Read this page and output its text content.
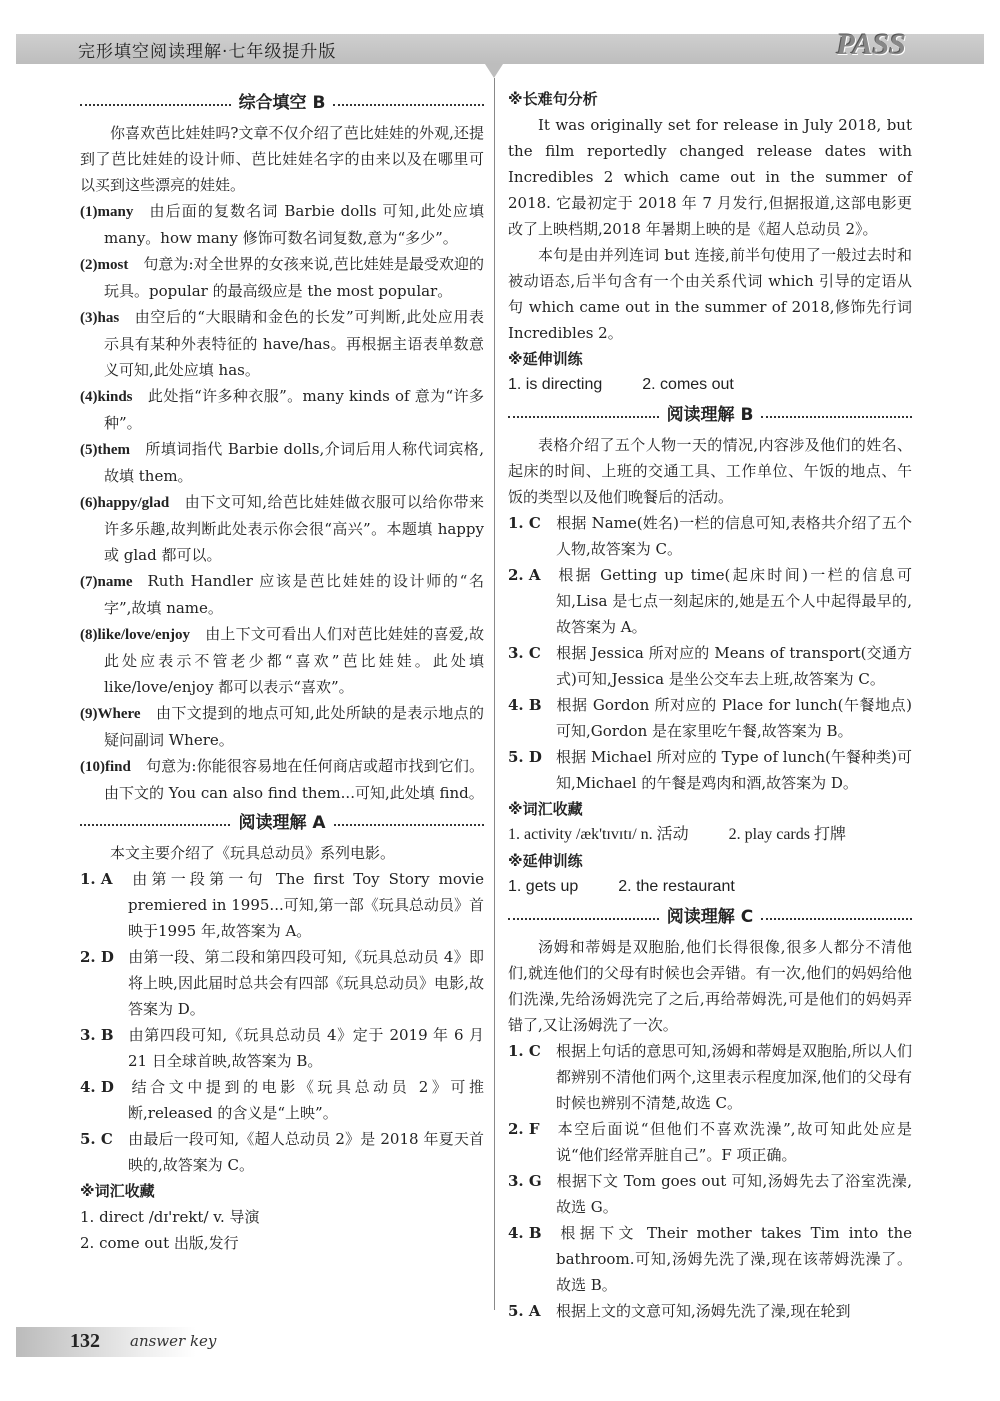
完形填空阅读理解·七年级提升版	PASS
综合填空 B

你喜欢芭比娃娃吗?文章不仅介绍了芭比娃娃的外观,还提到了芭比娃娃的设计师、芭比娃娃名字的由来以及在哪里可以买到这些漂亮的娃娃。

(1)many  由后面的复数名词 Barbie dolls 可知,此处应填 many。how many 修饰可数名词复数,意为“多少”。
(2)most  句意为:对全世界的女孩来说,芭比娃娃是最受欢迎的玩具。popular 的最高级应是 the most popular。
(3)has  由空后的“大眼睛和金色的长发”可判断,此处应用表示具有某种外表特征的 have/has。再根据主语表单数意义可知,此处应填 has。
(4)kinds  此处指“许多种衣服”。many kinds of 意为“许多种”。
(5)them  所填词指代 Barbie dolls,介词后用人称代词宾格,故填 them。
(6)happy/glad  由下文可知,给芭比娃娃做衣服可以给你带来许多乐趣,故判断此处表示你会很“高兴”。本题填 happy 或 glad 都可以。
(7)name  Ruth Handler 应该是芭比娃娃的设计师的“名字”,故填 name。
(8)like/love/enjoy  由上下文可看出人们对芭比娃娃的喜爱,故此处应表示不管老少都“喜欢”芭比娃娃。此处填 like/love/enjoy 都可以表示“喜欢”。
(9)Where  由下文提到的地点可知,此处所缺的是表示地点的疑问副词 Where。
(10)find  句意为:你能很容易地在任何商店或超市找到它们。由下文的 You can also find them...可知,此处填 find。
阅读理解 A

本文主要介绍了《玩具总动员》系列电影。

1. A 由第一段第一句 The first Toy Story movie premiered in 1995...可知,第一部《玩具总动员》首映于1995 年,故答案为 A。
2. D 由第一段、第二段和第四段可知,《玩具总动员 4》即将上映,因此届时总共会有四部《玩具总动员》电影,故答案为 D。
3. B 由第四段可知,《玩具总动员 4》定于 2019 年 6 月 21 日全球首映,故答案为 B。
4. D 结合文中提到的电影《玩具总动员 2》可推断,released 的含义是“上映”。
5. C 由最后一段可知,《超人总动员 2》是 2018 年夏天首映的,故答案为 C。
※词汇收藏
1. direct /dɪ'rekt/ v. 导演
2. come out 出版,发行
※长难句分析

It was originally set for release in July 2018, but the film reportedly changed release dates with Incredibles 2 which came out in the summer of 2018. 它最初定于 2018 年 7 月发行,但据报道,这部电影更改了上映档期,2018 年暑期上映的是《超人总动员 2》。

本句是由并列连词 but 连接,前半句使用了一般过去时和被动语态,后半句含有一个由关系代词 which 引导的定语从句 which came out in the summer of 2018,修饰先行词 Incredibles 2。

※延伸训练
1. is directing	2. comes out
阅读理解 B

表格介绍了五个人物一天的情况,内容涉及他们的姓名、起床的时间、上班的交通工具、工作单位、午饭的地点、午饭的类型以及他们晚餐后的活动。

1. C 根据 Name(姓名)一栏的信息可知,表格共介绍了五个人物,故答案为 C。
2. A 根据 Getting up time(起床时间)一栏的信息可知,Lisa 是七点一刻起床的,她是五个人中起得最早的,故答案为 A。
3. C 根据 Jessica 所对应的 Means of transport(交通方式)可知,Jessica 是坐公交车去上班,故答案为 C。
4. B 根据 Gordon 所对应的 Place for lunch(午餐地点)可知,Gordon 是在家里吃午餐,故答案为 B。
5. D 根据 Michael 所对应的 Type of lunch(午餐种类)可知,Michael 的午餐是鸡肉和酒,故答案为 D。
※词汇收藏
1. activity /æk'tɪvɪtɪ/ n. 活动	2. play cards 打牌
※延伸训练
1. gets up	2. the restaurant
阅读理解 C

汤姆和蒂姆是双胞胎,他们长得很像,很多人都分不清他们,就连他们的父母有时候也会弄错。有一次,他们的妈妈给他们洗澡,先给汤姆洗完了之后,再给蒂姆洗,可是他们的妈妈弄错了,又让汤姆洗了一次。

1. C 根据上句话的意思可知,汤姆和蒂姆是双胞胎,所以人们都辨别不清他们两个,这里表示程度加深,他们的父母有时候也辨别不清楚,故选 C。
2. F 本空后面说“但他们不喜欢洗澡”,故可知此处应是说“他们经常弄脏自己”。F 项正确。
3. G 根据下文 Tom goes out 可知,汤姆先去了浴室洗澡,故选 G。
4. B 根据下文 Their mother takes Tim into the bathroom.可知,汤姆先洗了澡,现在该蒂姆洗澡了。故选 B。
5. A 根据上文的文意可知,汤姆先洗了澡,现在轮到
132 answer key
